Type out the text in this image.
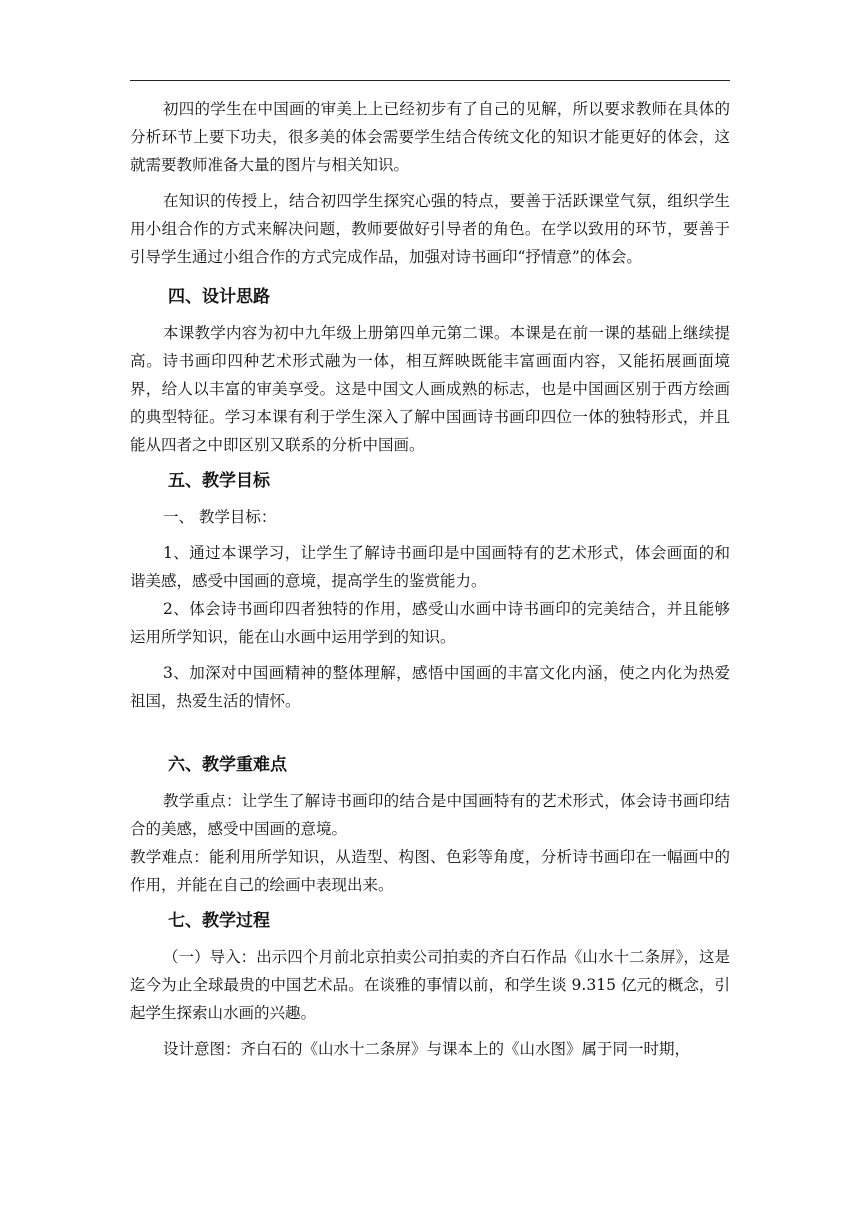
初四的学生在中国画的审美上上已经初步有了自己的见解，所以要求教师在具体的分析环节上要下功夫，很多美的体会需要学生结合传统文化的知识才能更好的体会，这就需要教师准备大量的图片与相关知识。

在知识的传授上，结合初四学生探究心强的特点，要善于活跃课堂气氛，组织学生用小组合作的方式来解决问题，教师要做好引导者的角色。在学以致用的环节，要善于引导学生通过小组合作的方式完成作品，加强对诗书画印“抒情意”的体会。

四、设计思路

本课教学内容为初中九年级上册第四单元第二课。本课是在前一课的基础上继续提高。诗书画印四种艺术形式融为一体，相互辉映既能丰富画面内容，又能拓展画面境界，给人以丰富的审美享受。这是中国文人画成熟的标志，也是中国画区别于西方绘画的典型特征。学习本课有利于学生深入了解中国画诗书画印四位一体的独特形式，并且能从四者之中即区别又联系的分析中国画。

五、教学目标

一、 教学目标：

1、通过本课学习，让学生了解诗书画印是中国画特有的艺术形式，体会画面的和谐美感，感受中国画的意境，提高学生的鉴赏能力。

2、体会诗书画印四者独特的作用，感受山水画中诗书画印的完美结合，并且能够运用所学知识，能在山水画中运用学到的知识。

3、加深对中国画精神的整体理解，感悟中国画的丰富文化内涵，使之内化为热爱祖国，热爱生活的情怀。

六、教学重难点

教学重点：让学生了解诗书画印的结合是中国画特有的艺术形式，体会诗书画印结合的美感，感受中国画的意境。

教学难点：能利用所学知识，从造型、构图、色彩等角度，分析诗书画印在一幅画中的作用，并能在自己的绘画中表现出来。

七、教学过程

（一）导入：出示四个月前北京拍卖公司拍卖的齐白石作品《山水十二条屏》，这是迄今为止全球最贵的中国艺术品。在谈雅的事情以前，和学生谈 9.315 亿元的概念，引起学生探索山水画的兴趣。

设计意图：齐白石的《山水十二条屏》与课本上的《山水图》属于同一时期，
